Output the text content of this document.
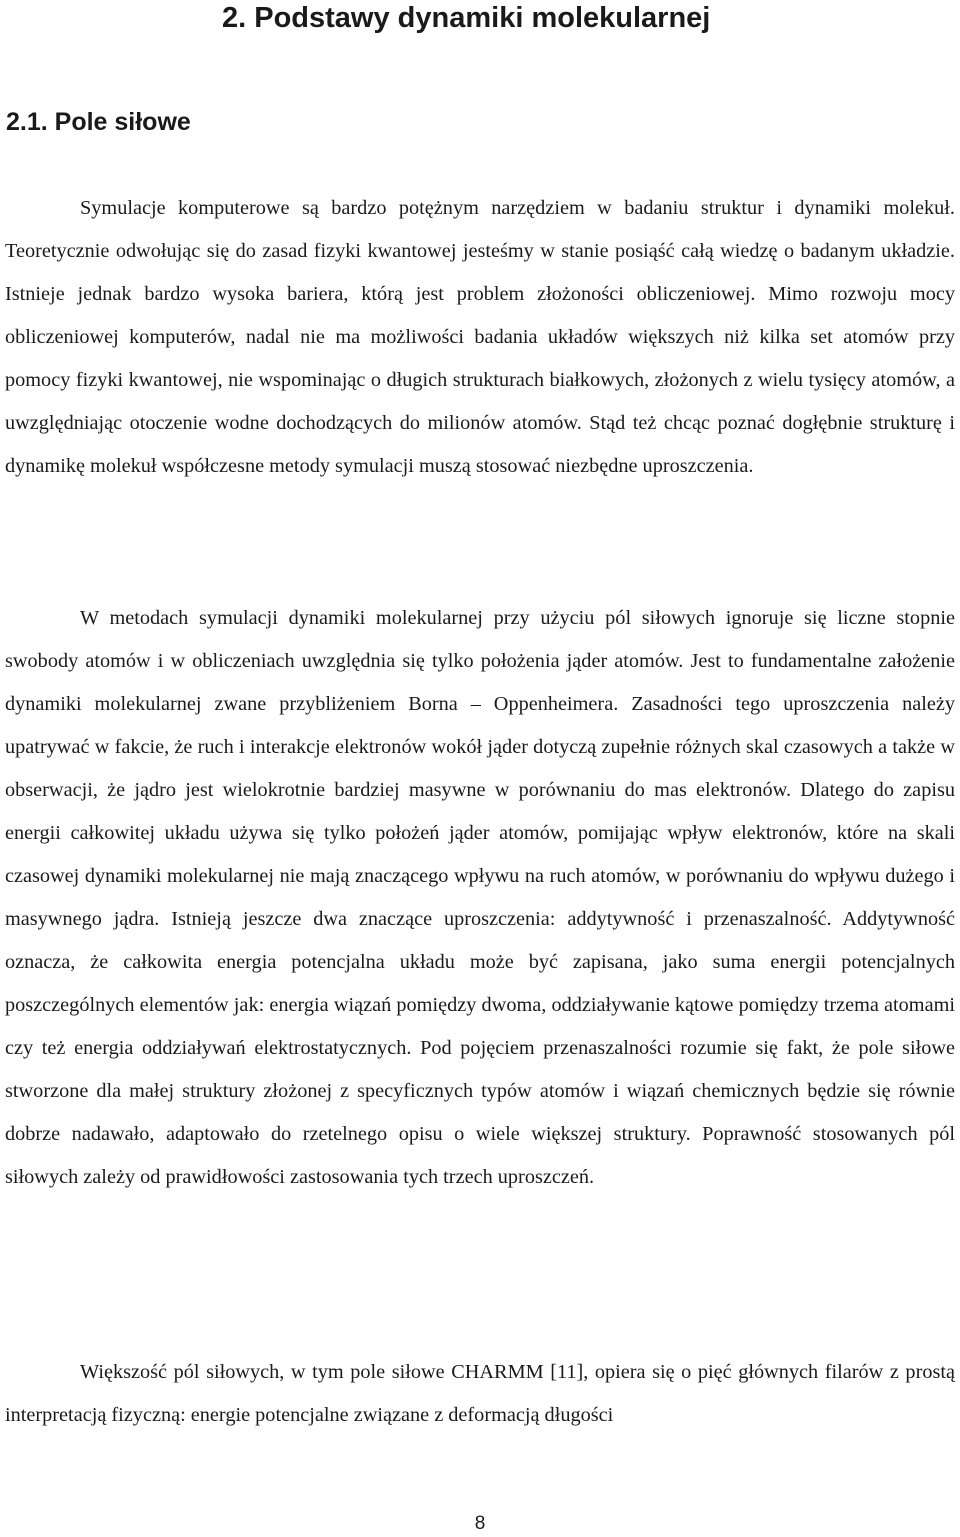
2. Podstawy dynamiki molekularnej
2.1. Pole siłowe

Symulacje komputerowe są bardzo potężnym narzędziem w badaniu struktur i dynamiki molekuł. Teoretycznie odwołując się do zasad fizyki kwantowej jesteśmy w stanie posiąść całą wiedzę o badanym układzie. Istnieje jednak bardzo wysoka bariera, którą jest problem złożoności obliczeniowej. Mimo rozwoju mocy obliczeniowej komputerów, nadal nie ma możliwości badania układów większych niż kilka set atomów przy pomocy fizyki kwantowej, nie wspominając o długich strukturach białkowych, złożonych z wielu tysięcy atomów, a uwzględniając otoczenie wodne dochodzących do milionów atomów. Stąd też chcąc poznać dogłębnie strukturę i dynamikę molekuł współczesne metody symulacji muszą stosować niezbędne uproszczenia.

W metodach symulacji dynamiki molekularnej przy użyciu pól siłowych ignoruje się liczne stopnie swobody atomów i w obliczeniach uwzględnia się tylko położenia jąder atomów. Jest to fundamentalne założenie dynamiki molekularnej zwane przybliżeniem Borna – Oppenheimera. Zasadności tego uproszczenia należy upatrywać w fakcie, że ruch i interakcje elektronów wokół jąder dotyczą zupełnie różnych skal czasowych a także w obserwacji, że jądro jest wielokrotnie bardziej masywne w porównaniu do mas elektronów. Dlatego do zapisu energii całkowitej układu używa się tylko położeń jąder atomów, pomijając wpływ elektronów, które na skali czasowej dynamiki molekularnej nie mają znaczącego wpływu na ruch atomów, w porównaniu do wpływu dużego i masywnego jądra. Istnieją jeszcze dwa znaczące uproszczenia: addytywność i przenaszalność. Addytywność oznacza, że całkowita energia potencjalna układu może być zapisana, jako suma energii potencjalnych poszczególnych elementów jak: energia wiązań pomiędzy dwoma, oddziaływanie kątowe pomiędzy trzema atomami czy też energia oddziaływań elektrostatycznych. Pod pojęciem przenaszalności rozumie się fakt, że pole siłowe stworzone dla małej struktury złożonej z specyficznych typów atomów i wiązań chemicznych będzie się równie dobrze nadawało, adaptowało do rzetelnego opisu o wiele większej struktury. Poprawność stosowanych pól siłowych zależy od prawidłowości zastosowania tych trzech uproszczeń.

Większość pól siłowych, w tym pole siłowe CHARMM [11], opiera się o pięć głównych filarów z prostą interpretacją fizyczną: energie potencjalne związane z deformacją długości

8
